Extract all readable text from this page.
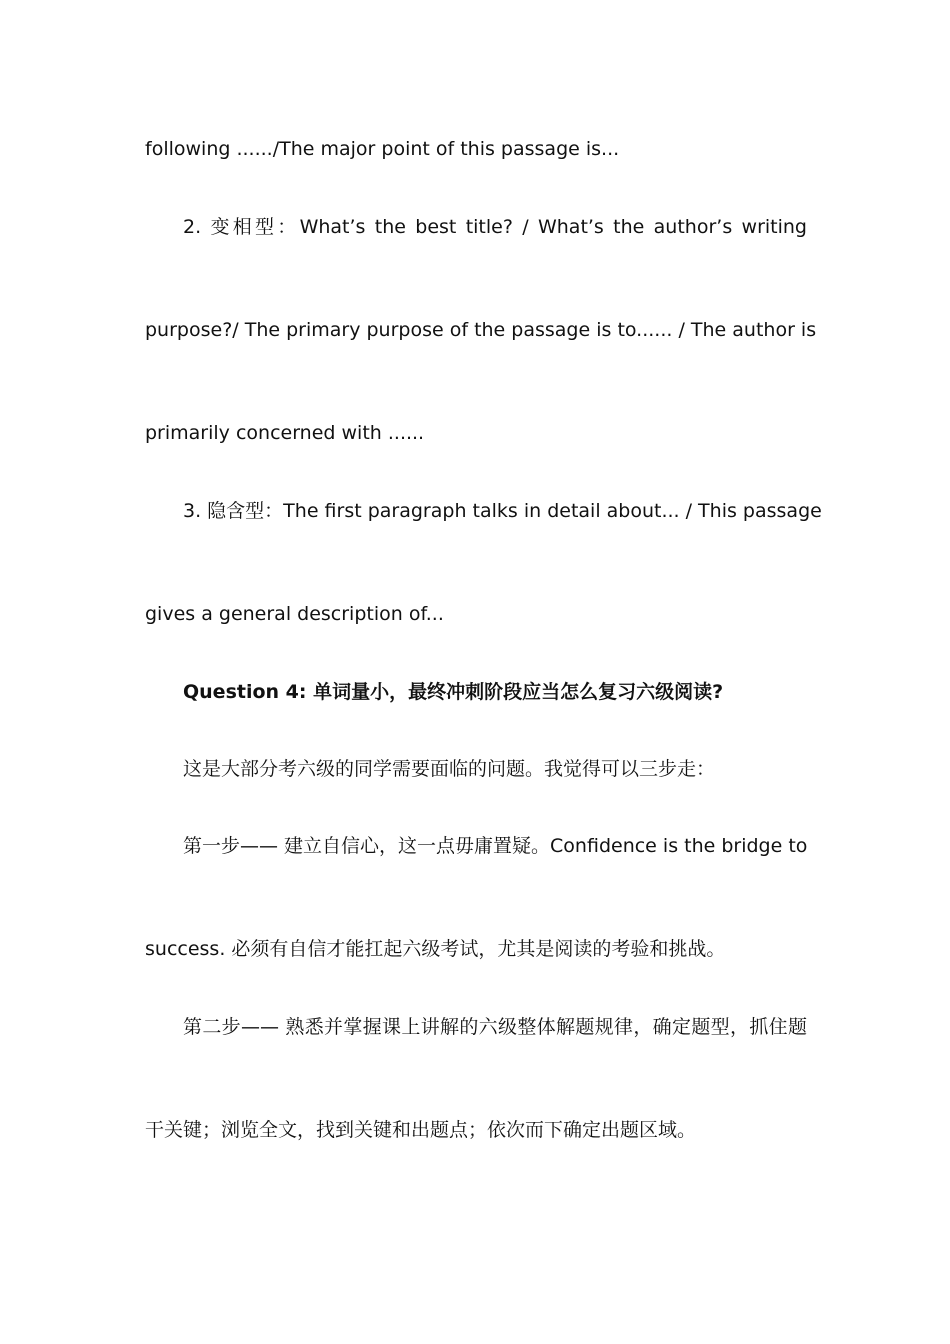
following ....../The major point of this passage is...
2. 变相型：What’s the best title? / What’s the author’s writing
purpose?/ The primary purpose of the passage is to...... / The author is
primarily concerned with ......
3. 隐含型：The first paragraph talks in detail about... / This passage
gives a general description of...
Question 4: 单词量小，最终冲刺阶段应当怎么复习六级阅读?
这是大部分考六级的同学需要面临的问题。我觉得可以三步走：
第一步—— 建立自信心，这一点毋庸置疑。Confidence is the bridge to
success. 必须有自信才能扛起六级考试，尤其是阅读的考验和挑战。
第二步—— 熟悉并掌握课上讲解的六级整体解题规律，确定题型，抓住题
干关键；浏览全文，找到关键和出题点；依次而下确定出题区域。
